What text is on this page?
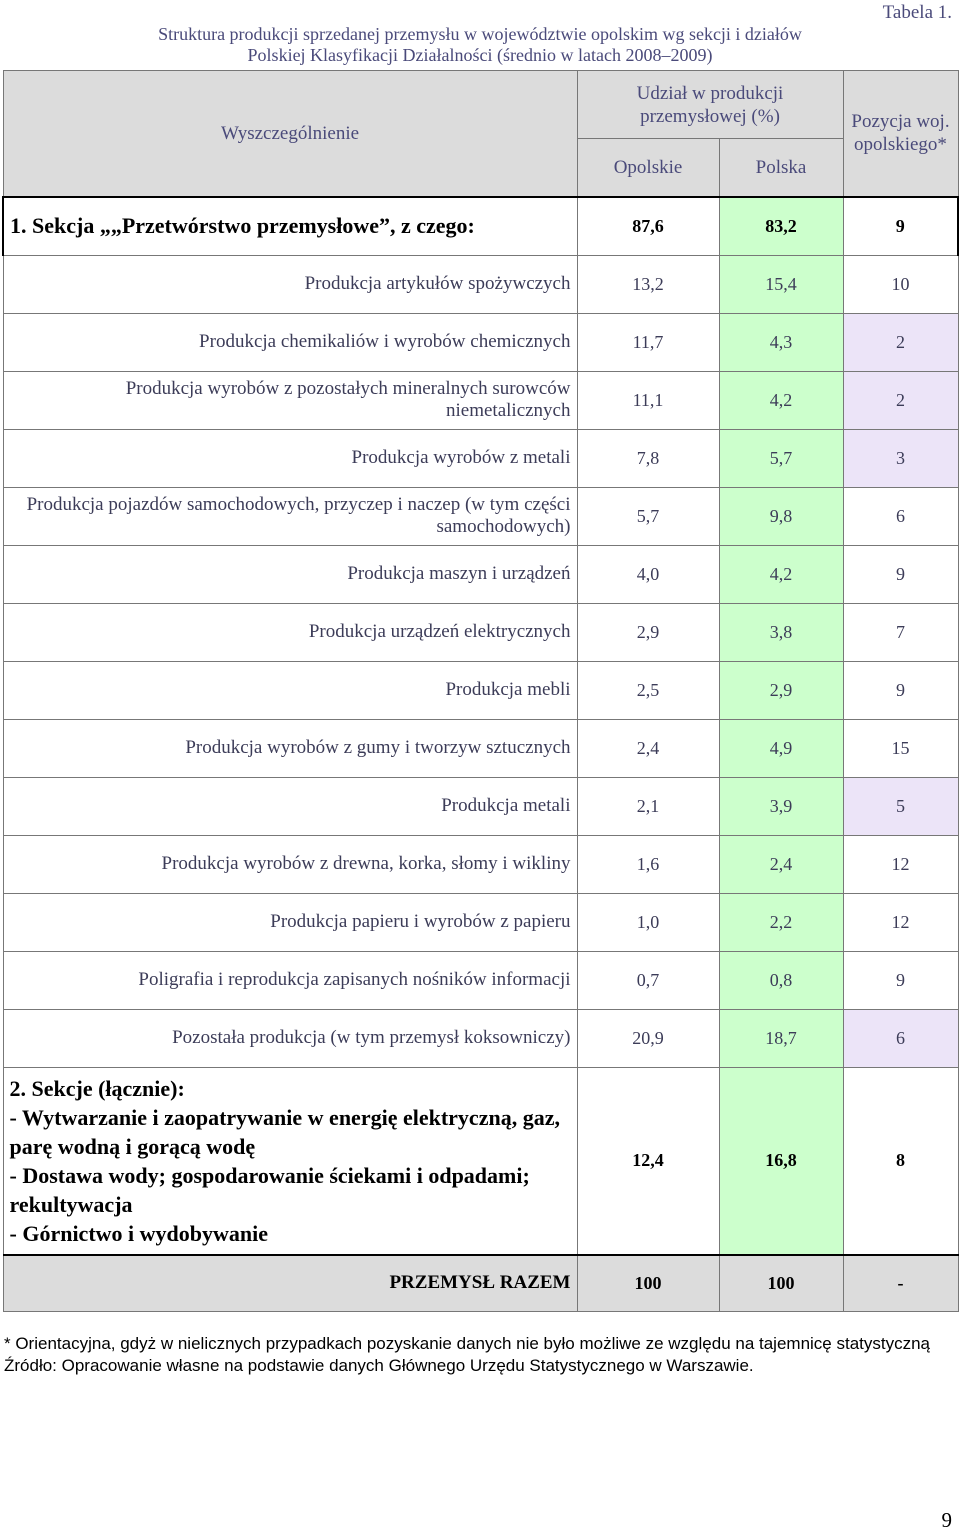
Struktura produkcji sprzedanej przemysłu w województwie opolskim wg sekcji i działów
Polskiej Klasyfikacji Działalności (średnio w latach 2008–2009)
Tabela 1.
Wyszczególnienie	Udział w produkcji przemysłowej (%)		Pozycja woj. opolskiego*
	Opolskie	Polska	
1. Sekcja „„Przetwórstwo przemysłowe”, z czego:	87,6	83,2	9
Produkcja artykułów spożywczych	13,2	15,4	10
Produkcja chemikaliów i wyrobów chemicznych	11,7	4,3	2
Produkcja wyrobów z pozostałych mineralnych surowców niemetalicznych	11,1	4,2	2
Produkcja wyrobów z metali	7,8	5,7	3
Produkcja pojazdów samochodowych, przyczep i naczep (w tym części samochodowych)	5,7	9,8	6
Produkcja maszyn i urządzeń	4,0	4,2	9
Produkcja urządzeń elektrycznych	2,9	3,8	7
Produkcja mebli	2,5	2,9	9
Produkcja wyrobów z gumy i tworzyw sztucznych	2,4	4,9	15
Produkcja metali	2,1	3,9	5
Produkcja wyrobów z drewna, korka, słomy i wikliny	1,6	2,4	12
Produkcja papieru i wyrobów z papieru	1,0	2,2	12
Poligrafia i reprodukcja zapisanych nośników informacji	0,7	0,8	9
Pozostała produkcja (w tym przemysł koksowniczy)	20,9	18,7	6

2. Sekcje (łącznie):
- Wytwarzanie i zaopatrywanie w energię elektryczną, gaz, parę wodną i gorącą wodę
- Dostawa wody; gospodarowanie ściekami i odpadami; rekultywacja
- Górnictwo i wydobywanie	12,4	16,8	8
PRZEMYSŁ RAZEM	100	100	-
* Orientacyjna, gdyż w nielicznych przypadkach pozyskanie danych nie było możliwe ze względu na tajemnicę statystyczną
Źródło: Opracowanie własne na podstawie danych Głównego Urzędu Statystycznego w Warszawie.
9
